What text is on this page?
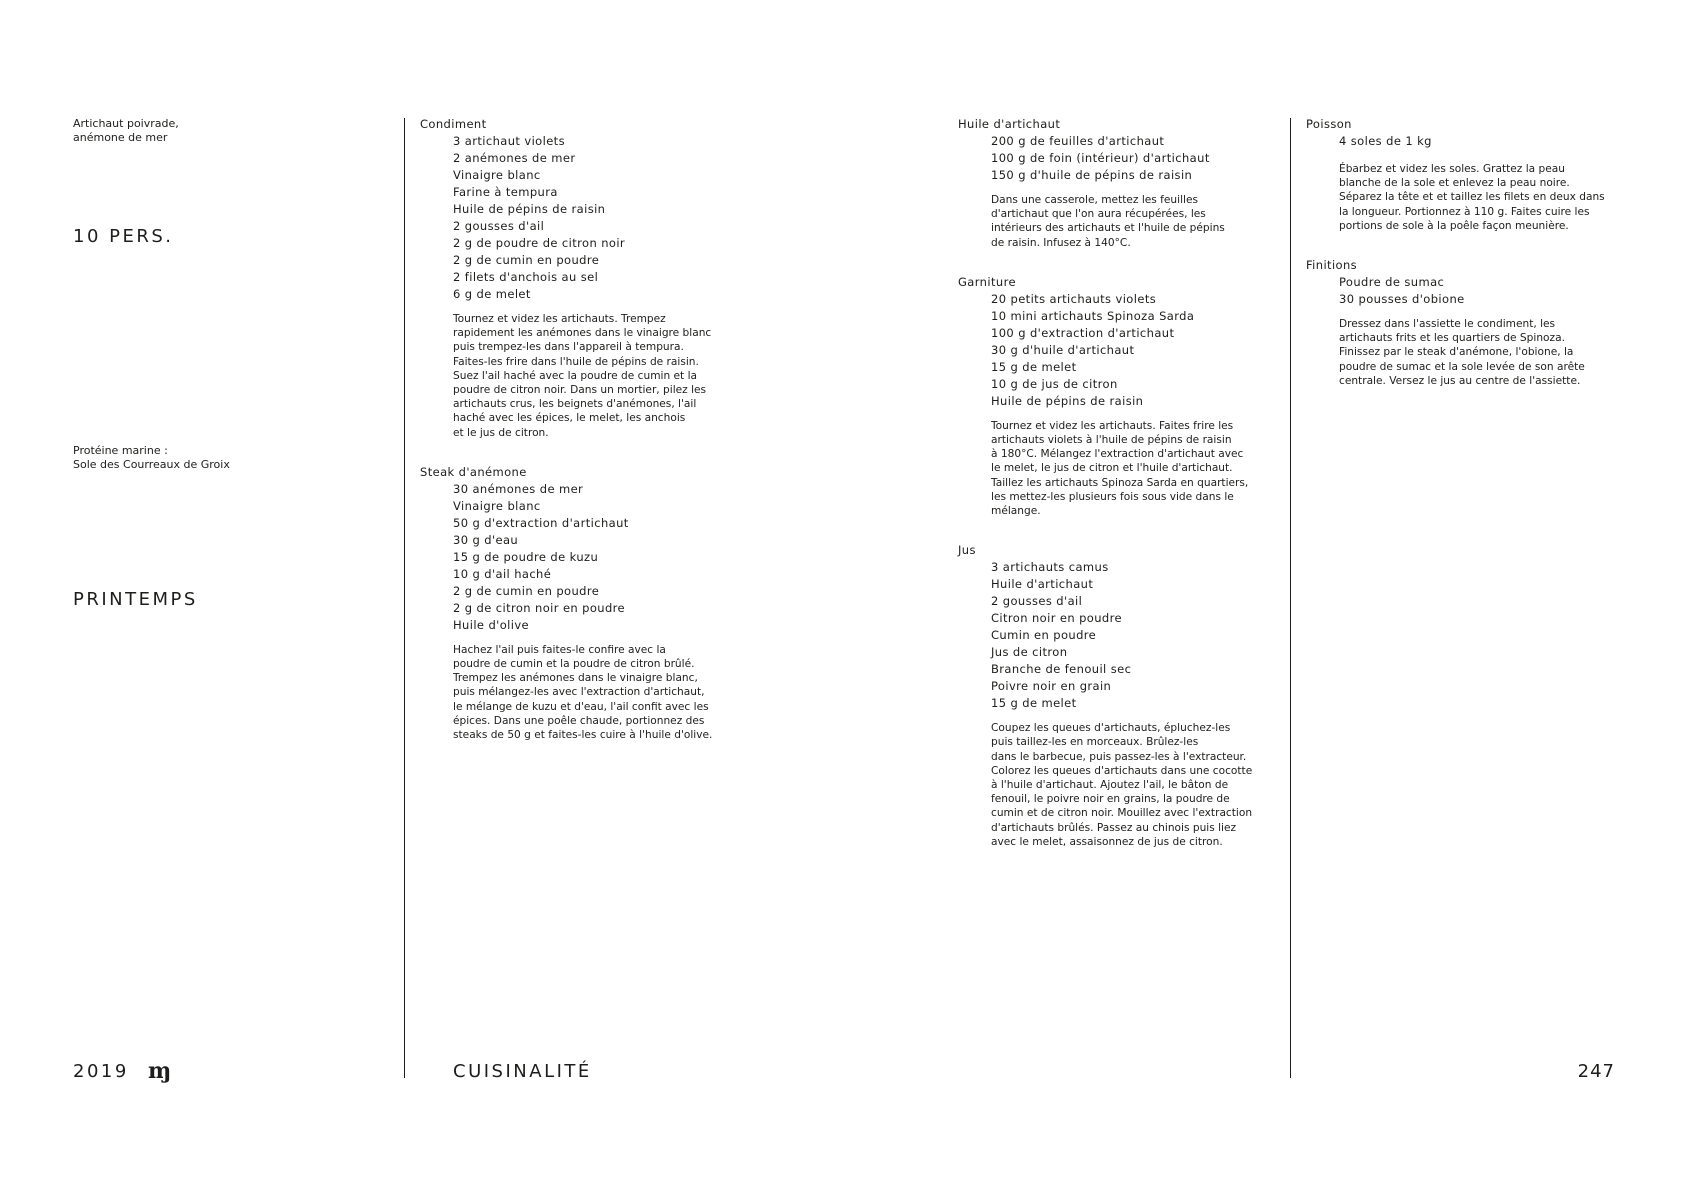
Artichaut poivrade,
anémone de mer
10 PERS.
Protéine marine :
Sole des Courreaux de Groix
PRINTEMPS
Condiment
3 artichaut violets
2 anémones de mer
Vinaigre blanc
Farine à tempura
Huile de pépins de raisin
2 gousses d'ail
2 g de poudre de citron noir
2 g de cumin en poudre
2 filets d'anchois au sel
6 g de melet
Tournez et videz les artichauts. Trempez
rapidement les anémones dans le vinaigre blanc
puis trempez-les dans l'appareil à tempura.
Faites-les frire dans l'huile de pépins de raisin.
Suez l'ail haché avec la poudre de cumin et la
poudre de citron noir. Dans un mortier, pilez les
artichauts crus, les beignets d'anémones, l'ail
haché avec les épices, le melet, les anchois
et le jus de citron.
Steak d'anémone
30 anémones de mer
Vinaigre blanc
50 g d'extraction d'artichaut
30 g d'eau
15 g de poudre de kuzu
10 g d'ail haché
2 g de cumin en poudre
2 g de citron noir en poudre
Huile d'olive
Hachez l'ail puis faites-le confire avec la
poudre de cumin et la poudre de citron brûlé.
Trempez les anémones dans le vinaigre blanc,
puis mélangez-les avec l'extraction d'artichaut,
le mélange de kuzu et d'eau, l'ail confit avec les
épices. Dans une poêle chaude, portionnez des
steaks de 50 g et faites-les cuire à l'huile d'olive.
Huile d'artichaut
200 g de feuilles d'artichaut
100 g de foin (intérieur) d'artichaut
150 g d'huile de pépins de raisin
Dans une casserole, mettez les feuilles
d'artichaut que l'on aura récupérées, les
intérieurs des artichauts et l'huile de pépins
de raisin. Infusez à 140°C.
Garniture
20 petits artichauts violets
10 mini artichauts Spinoza Sarda
100 g d'extraction d'artichaut
30 g d'huile d'artichaut
15 g de melet
10 g de jus de citron
Huile de pépins de raisin
Tournez et videz les artichauts. Faites frire les
artichauts violets à l'huile de pépins de raisin
à 180°C. Mélangez l'extraction d'artichaut avec
le melet, le jus de citron et l'huile d'artichaut.
Taillez les artichauts Spinoza Sarda en quartiers,
les mettez-les plusieurs fois sous vide dans le
mélange.
Jus
3 artichauts camus
Huile d'artichaut
2 gousses d'ail
Citron noir en poudre
Cumin en poudre
Jus de citron
Branche de fenouil sec
Poivre noir en grain
15 g de melet
Coupez les queues d'artichauts, épluchez-les
puis taillez-les en morceaux. Brûlez-les
dans le barbecue, puis passez-les à l'extracteur.
Colorez les queues d'artichauts dans une cocotte
à l'huile d'artichaut. Ajoutez l'ail, le bâton de
fenouil, le poivre noir en grains, la poudre de
cumin et de citron noir. Mouillez avec l'extraction
d'artichauts brûlés. Passez au chinois puis liez
avec le melet, assaisonnez de jus de citron.
Poisson
4 soles de 1 kg
Ébarbez et videz les soles. Grattez la peau
blanche de la sole et enlevez la peau noire.
Séparez la tête et et taillez les filets en deux dans
la longueur. Portionnez à 110 g. Faites cuire les
portions de sole à la poêle façon meunière.
Finitions
Poudre de sumac
30 pousses d'obione
Dressez dans l'assiette le condiment, les
artichauts frits et les quartiers de Spinoza.
Finissez par le steak d'anémone, l'obione, la
poudre de sumac et la sole levée de son arête
centrale. Versez le jus au centre de l'assiette.
2019 ɱ	CUISINALITÉ	247
